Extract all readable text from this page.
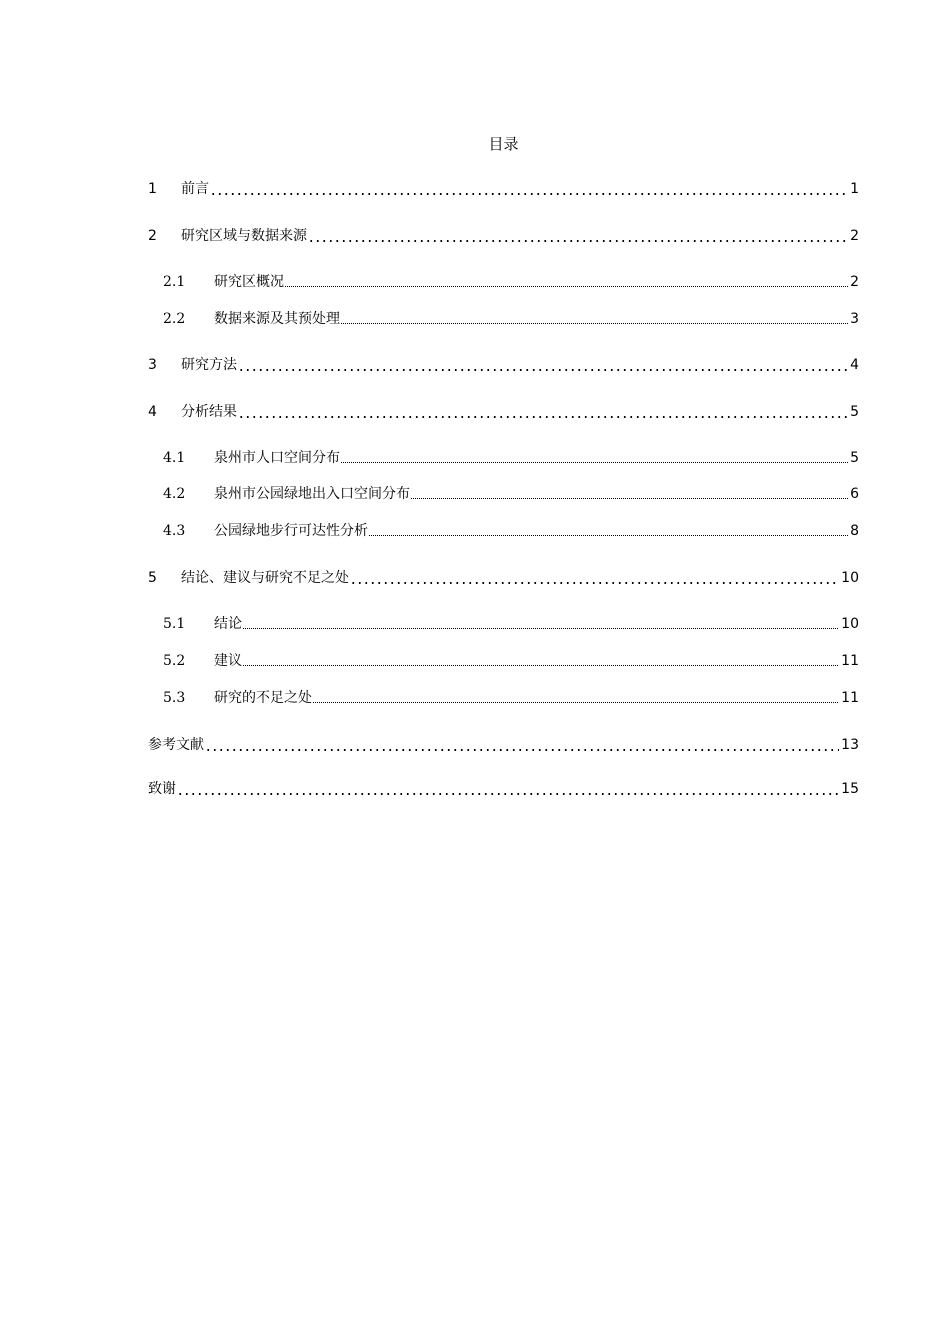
目录
1	前言	1
2	研究区域与数据来源	2
2.1	研究区概况	2
2.2	数据来源及其预处理	3
3	研究方法	4
4	分析结果	5
4.1	泉州市人口空间分布	5
4.2	泉州市公园绿地出入口空间分布	6
4.3	公园绿地步行可达性分析	8
5	结论、建议与研究不足之处	10
5.1	结论	10
5.2	建议	11
5.3	研究的不足之处	11
参考文献	13
致谢	15
